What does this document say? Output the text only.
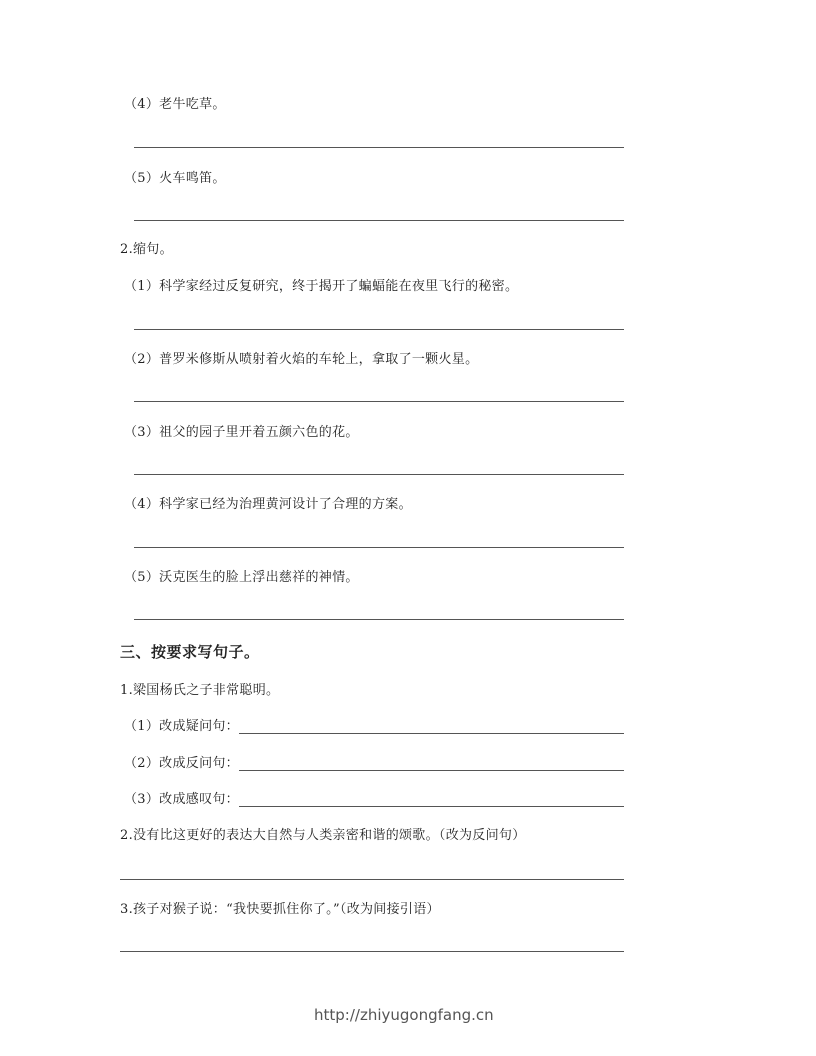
（4）老牛吃草。
（5）火车鸣笛。
2.缩句。
（1）科学家经过反复研究，终于揭开了蝙蝠能在夜里飞行的秘密。
（2）普罗米修斯从喷射着火焰的车轮上，拿取了一颗火星。
（3）祖父的园子里开着五颜六色的花。
（4）科学家已经为治理黄河设计了合理的方案。
（5）沃克医生的脸上浮出慈祥的神情。
三、按要求写句子。
1.梁国杨氏之子非常聪明。
（1）改成疑问句：
（2）改成反问句：
（3）改成感叹句：
2.没有比这更好的表达大自然与人类亲密和谐的颂歌。（改为反问句）
3.孩子对猴子说：“我快要抓住你了。”（改为间接引语）
http://zhiyugongfang.cn
